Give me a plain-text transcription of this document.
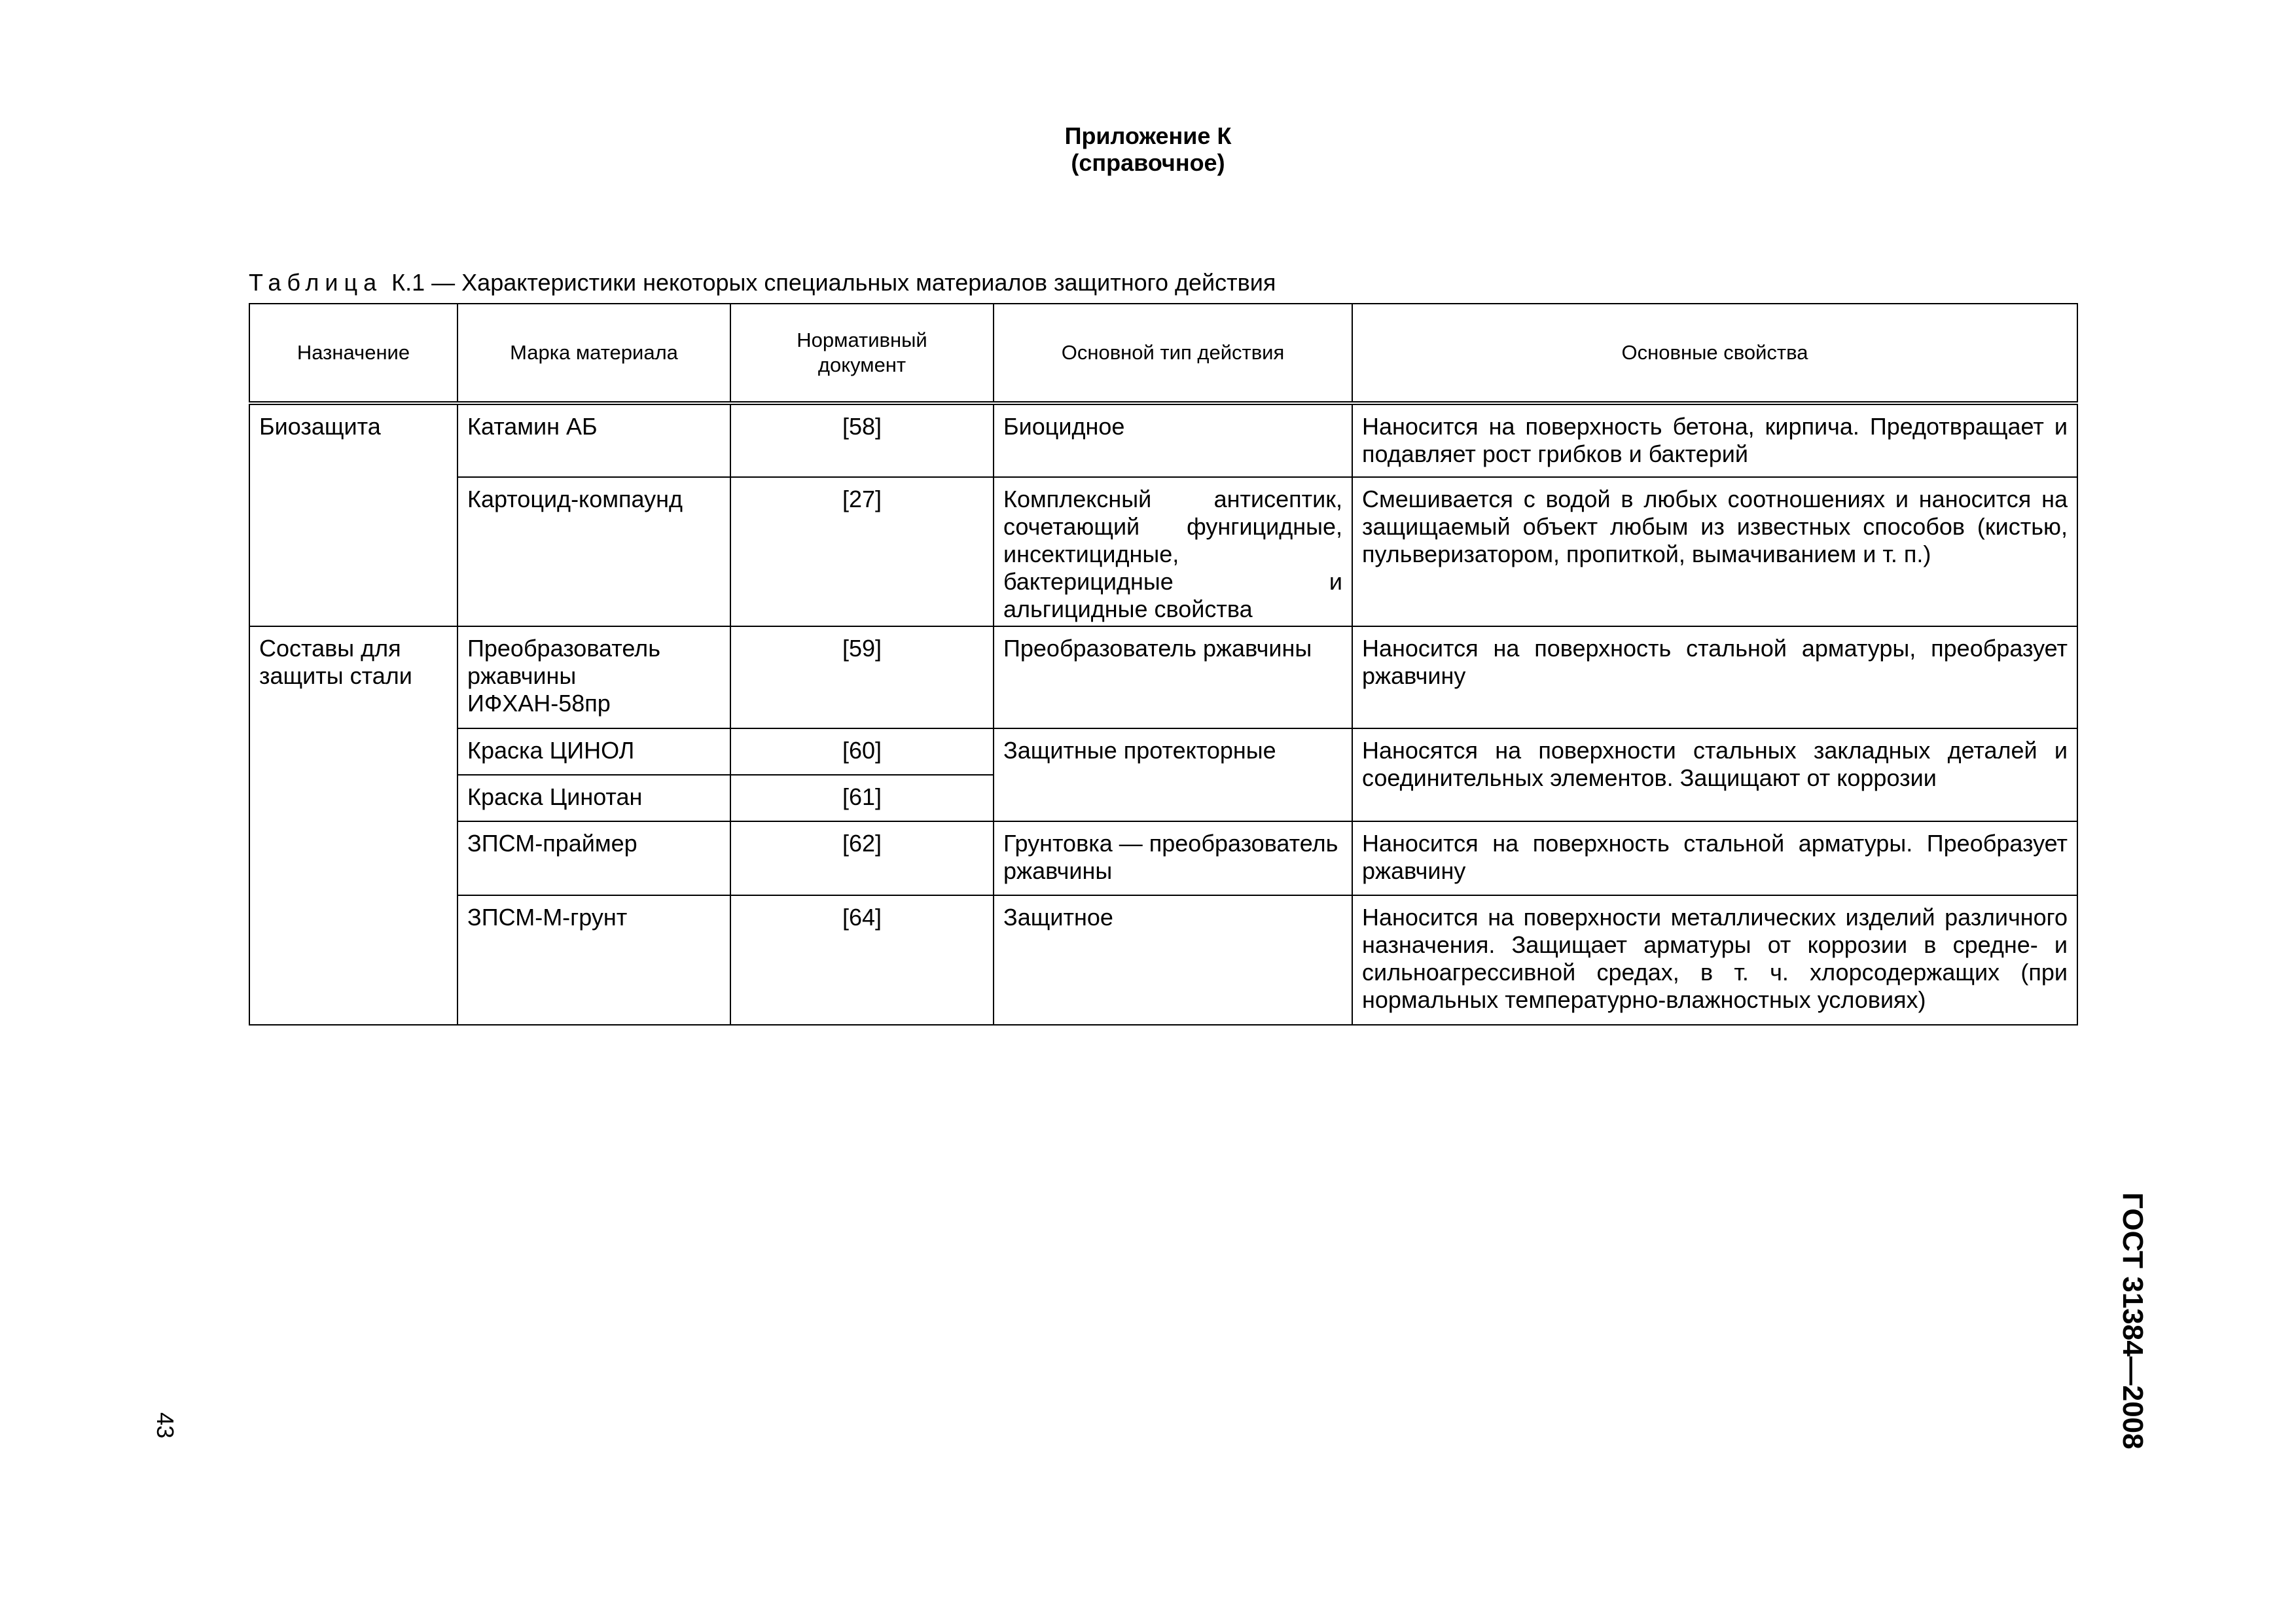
Приложение К
(справочное)
Таблица К.1 — Характеристики некоторых специальных материалов защитного действия
Назначение	Марка материала	Нормативный документ	Основной тип действия	Основные свойства
Биозащита	Катамин АБ	[58]	Биоцидное	Наносится на поверхность бетона, кирпича. Предотвращает и подавляет рост грибков и бактерий
	Картоцид-компаунд	[27]	Комплексный антисептик, сочетающий фунгицидные, инсектицидные, бактерицидные и альгицидные свойства	Смешивается с водой в любых соотношениях и наносится на защищаемый объект любым из известных способов (кистью, пульверизатором, пропиткой, вымачиванием и т. п.)
Составы для защиты стали	Преобразователь ржавчины ИФХАН-58пр	[59]	Преобразователь ржавчины	Наносится на поверхность стальной арматуры, преобразует ржавчину
	Краска ЦИНОЛ	[60]	Защитные протекторные	Наносятся на поверхности стальных закладных деталей и соединительных элементов. Защищают от коррозии
	Краска Цинотан	[61]		
	ЗПСМ-праймер	[62]	Грунтовка — преобразователь ржавчины	Наносится на поверхность стальной арматуры. Преобразует ржавчину
	ЗПСМ-М-грунт	[64]	Защитное	Наносится на поверхности металлических изделий различного назначения. Защищает арматуры от коррозии в средне- и сильноагрессивной средах, в т. ч. хлорсодержащих (при нормальных температурно-влажностных условиях)
43	ГОСТ 31384—2008
